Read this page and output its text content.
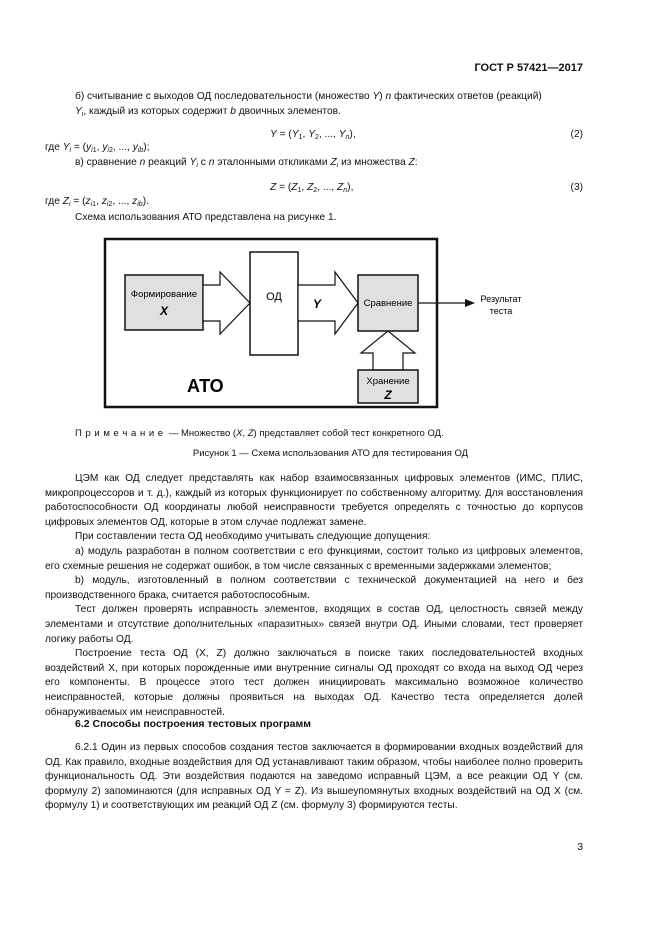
ГОСТ Р 57421—2017
б) считывание с выходов ОД последовательности (множество Y) n фактических ответов (реакций)
$Y_i$, каждый из которых содержит b двоичных элементов.
$Y = (Y_1$, $Y_2$, ..., $Y_n$),	(2)
где $Y_i = (y_{i1}$, $y_{i2}$, ..., $y_{ib}$);
в) сравнение n реакций $Y_i$ с n эталонными откликами $Z_i$ из множества Z:
$Z = (Z_1$, $Z_2$, ..., $Z_n$),	(3)
где $Z_i = (z_{i1}$, $z_{i2}$, ..., $z_{ib}$).
Схема использования АТО представлена на рисунке 1.
Формирование
X
ОД	Y	Сравнение	Результат
теста
Хранение
Z
АТО
П р и м е ч а н и е  — Множество (X, Z) представляет собой тест конкретного ОД.
Рисунок 1 — Схема использования АТО для тестирования ОД
ЦЭМ как ОД следует представлять как набор взаимосвязанных цифровых элементов (ИМС, ПЛИС, микропроцессоров и т. д.), каждый из которых функционирует по собственному алгоритму. Для восстановления работоспособности ОД координаты любой неисправности требуется определять с точностью до корпусов цифровых элементов ОД, которые в этом случае подлежат замене.
При составлении теста ОД необходимо учитывать следующие допущения:
а) модуль разработан в полном соответствии с его функциями, состоит только из цифровых элементов, его схемные решения не содержат ошибок, в том числе связанных с временными задержками элементов;
b) модуль, изготовленный в полном соответствии с технической документацией на него и без производственного брака, считается работоспособным.
Тест должен проверять исправность элементов, входящих в состав ОД, целостность связей между элементами и отсутствие дополнительных «паразитных» связей внутри ОД. Иными словами, тест проверяет логику работы ОД.
Построение теста ОД (X, Z) должно заключаться в поиске таких последовательностей входных воздействий X, при которых порожденные ими внутренние сигналы ОД проходят со входа на выход ОД через его компоненты. В процессе этого тест должен инициировать максимально возможное количество неисправностей, которые должны проявиться на выходах ОД. Качество теста определяется долей обнаруживаемых им неисправностей.
6.2 Способы построения тестовых программ
6.2.1 Один из первых способов создания тестов заключается в формировании входных воздействий для ОД. Как правило, входные воздействия для ОД устанавливают таким образом, чтобы наиболее полно проверить функциональность ОД. Эти воздействия подаются на заведомо исправный ЦЭМ, а все реакции ОД Y (см. формулу 2) запоминаются (для исправных ОД Y = Z). Из вышеупомянутых входных воздействий на ОД X (см. формулу 1) и соответствующих им реакций ОД Z (см. формулу 3) формируются тесты.
3
